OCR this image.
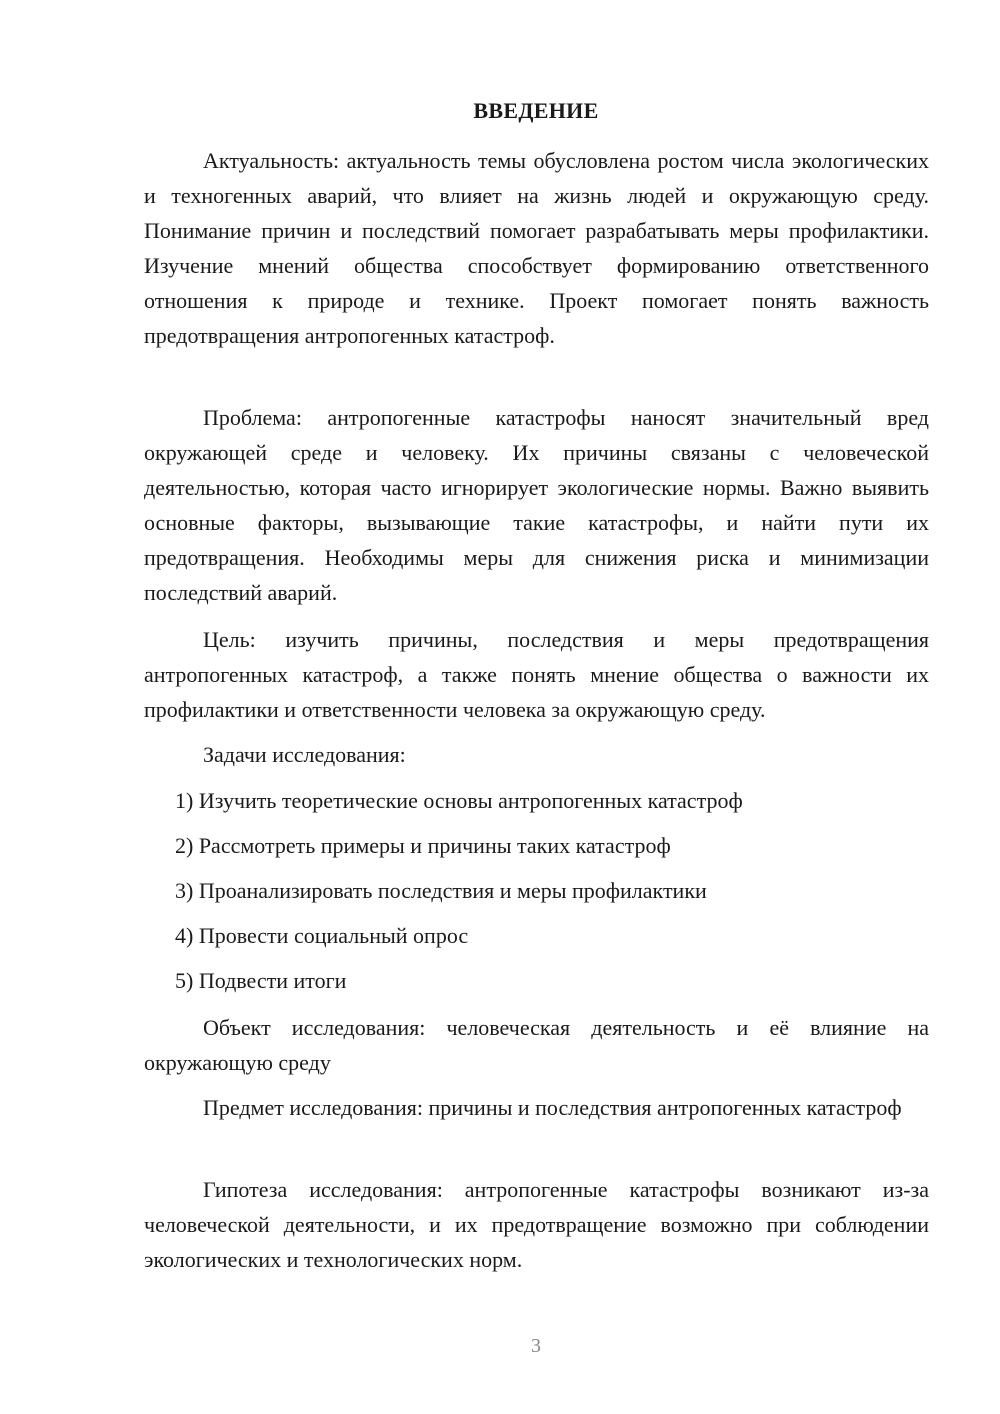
ВВЕДЕНИЕ

Актуальность: актуальность темы обусловлена ростом числа экологических и техногенных аварий, что влияет на жизнь людей и окружающую среду. Понимание причин и последствий помогает разрабатывать меры профилактики. Изучение мнений общества способствует формированию ответственного отношения к природе и технике. Проект помогает понять важность предотвращения антропогенных катастроф.

Проблема: антропогенные катастрофы наносят значительный вред окружающей среде и человеку. Их причины связаны с человеческой деятельностью, которая часто игнорирует экологические нормы. Важно выявить основные факторы, вызывающие такие катастрофы, и найти пути их предотвращения. Необходимы меры для снижения риска и минимизации последствий аварий.

Цель: изучить причины, последствия и меры предотвращения антропогенных катастроф, а также понять мнение общества о важности их профилактики и ответственности человека за окружающую среду.

Задачи исследования:

1) Изучить теоретические основы антропогенных катастроф
2) Рассмотреть примеры и причины таких катастроф
3) Проанализировать последствия и меры профилактики
4) Провести социальный опрос
5) Подвести итоги

Объект исследования: человеческая деятельность и её влияние на окружающую среду

Предмет исследования: причины и последствия антропогенных катастроф

Гипотеза исследования: антропогенные катастрофы возникают из-за человеческой деятельности, и их предотвращение возможно при соблюдении экологических и технологических норм.

3
